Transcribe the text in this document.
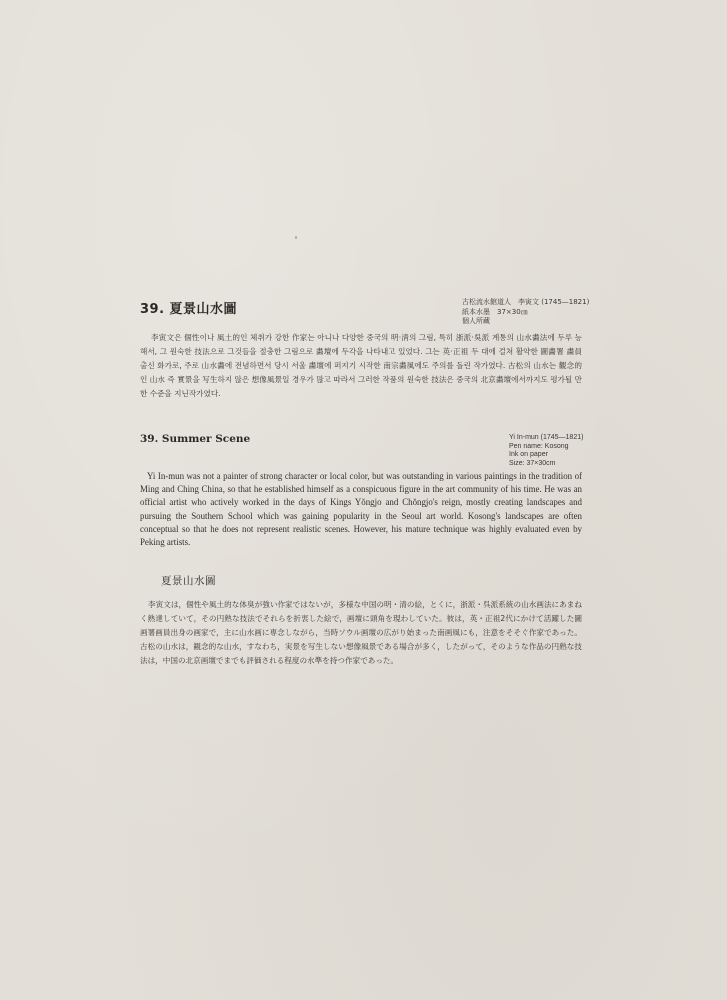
39. 夏景山水圖	古松流水館道人　李寅文 (1745—1821)
紙本水墨　37×30㎝
個人所藏

李寅文은 個性이나 風土的인 체취가 강한 作家는 아니나 다양한 중국의 明·淸의 그림, 특히 浙派·吳派 계통의 山水畵法에 두루 능해서, 그 원숙한 技法으로 그것들을 절충한 그림으로 畵壇에 두각을 나타내고 있었다. 그는 英·正祖 두 대에 걸쳐 활약한 圖畵署 畵員 출신 화가로, 주로 山水畵에 전념하면서 당시 서울 畵壇에 퍼지기 시작한 南宗畵風에도 주의를 돌린 작가였다. 古松의 山水는 觀念的인 山水 즉 實景을 写生하지 않은 想像風景일 경우가 많고 따라서 그러한 작품의 원숙한 技法은 중국의 北京畵壇에서까지도 평가될 만한 수준을 지닌작가였다.

39. Summer Scene	Yi In-mun (1745—1821)
Pen name: Kosong
Ink on paper
Size: 37×30cm

Yi In-mun was not a painter of strong character or local color, but was outstanding in various paintings in the tradition of Ming and Ching China, so that he established himself as a conspicuous figure in the art community of his time. He was an official artist who actively worked in the days of Kings Yŏngjo and Chŏngjo's reign, mostly creating landscapes and pursuing the Southern School which was gaining popularity in the Seoul art world. Kosong's landscapes are often conceptual so that he does not represent realistic scenes. However, his mature technique was highly evaluated even by Peking artists.

夏景山水圖

李寅文は，個性や風土的な体臭が強い作家ではないが，多様な中国の明・清の絵，とくに，浙派・呉派系統の山水画法にあまねく熟達していて，その円熟な技法でそれらを折衷した絵で，画壇に頭角を現わしていた。彼は，英・正祖2代にかけて活躍した圖画署画員出身の画家で，主に山水画に専念しながら，当時ソウル画壇の広がり始まった南画風にも，注意をそそぐ作家であった。古松の山水は，観念的な山水，すなわち，実景を写生しない想像風景である場合が多く，したがって，そのような作品の円熟な技法は，中国の北京画壇でまでも評価される程度の水準を持つ作家であった。
